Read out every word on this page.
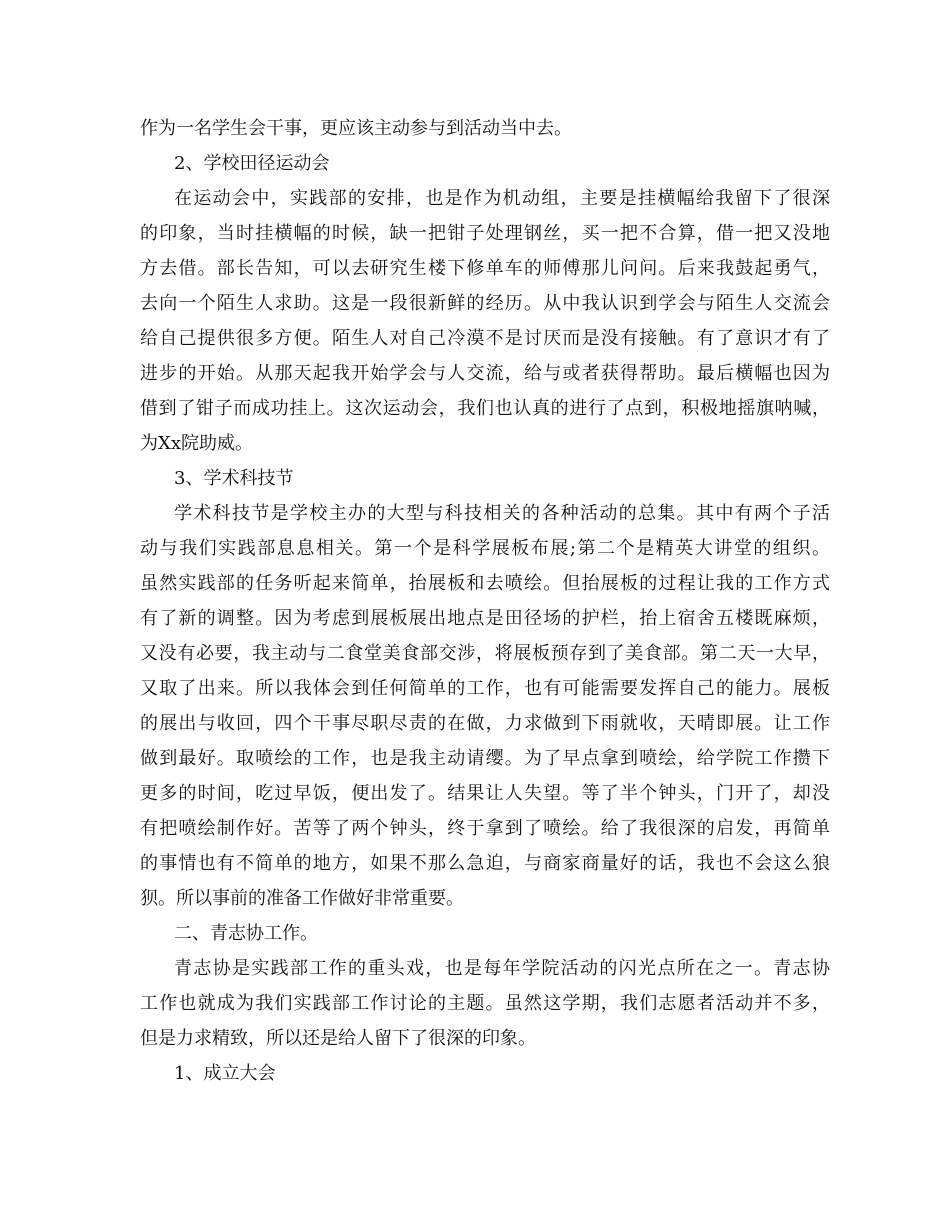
作为一名学生会干事，更应该主动参与到活动当中去。
2、学校田径运动会
在运动会中，实践部的安排，也是作为机动组，主要是挂横幅给我留下了很深
的印象，当时挂横幅的时候，缺一把钳子处理钢丝，买一把不合算，借一把又没地
方去借。部长告知，可以去研究生楼下修单车的师傅那儿问问。后来我鼓起勇气，
去向一个陌生人求助。这是一段很新鲜的经历。从中我认识到学会与陌生人交流会
给自己提供很多方便。陌生人对自己冷漠不是讨厌而是没有接触。有了意识才有了
进步的开始。从那天起我开始学会与人交流，给与或者获得帮助。最后横幅也因为
借到了钳子而成功挂上。这次运动会，我们也认真的进行了点到，积极地摇旗呐喊，
为Xx院助威。
3、学术科技节
学术科技节是学校主办的大型与科技相关的各种活动的总集。其中有两个子活
动与我们实践部息息相关。第一个是科学展板布展;第二个是精英大讲堂的组织。
虽然实践部的任务听起来简单，抬展板和去喷绘。但抬展板的过程让我的工作方式
有了新的调整。因为考虑到展板展出地点是田径场的护栏，抬上宿舍五楼既麻烦，
又没有必要，我主动与二食堂美食部交涉，将展板预存到了美食部。第二天一大早，
又取了出来。所以我体会到任何简单的工作，也有可能需要发挥自己的能力。展板
的展出与收回，四个干事尽职尽责的在做，力求做到下雨就收，天晴即展。让工作
做到最好。取喷绘的工作，也是我主动请缨。为了早点拿到喷绘，给学院工作攒下
更多的时间，吃过早饭，便出发了。结果让人失望。等了半个钟头，门开了，却没
有把喷绘制作好。苦等了两个钟头，终于拿到了喷绘。给了我很深的启发，再简单
的事情也有不简单的地方，如果不那么急迫，与商家商量好的话，我也不会这么狼
狈。所以事前的准备工作做好非常重要。
二、青志协工作。
青志协是实践部工作的重头戏，也是每年学院活动的闪光点所在之一。青志协
工作也就成为我们实践部工作讨论的主题。虽然这学期，我们志愿者活动并不多，
但是力求精致，所以还是给人留下了很深的印象。
1、成立大会
